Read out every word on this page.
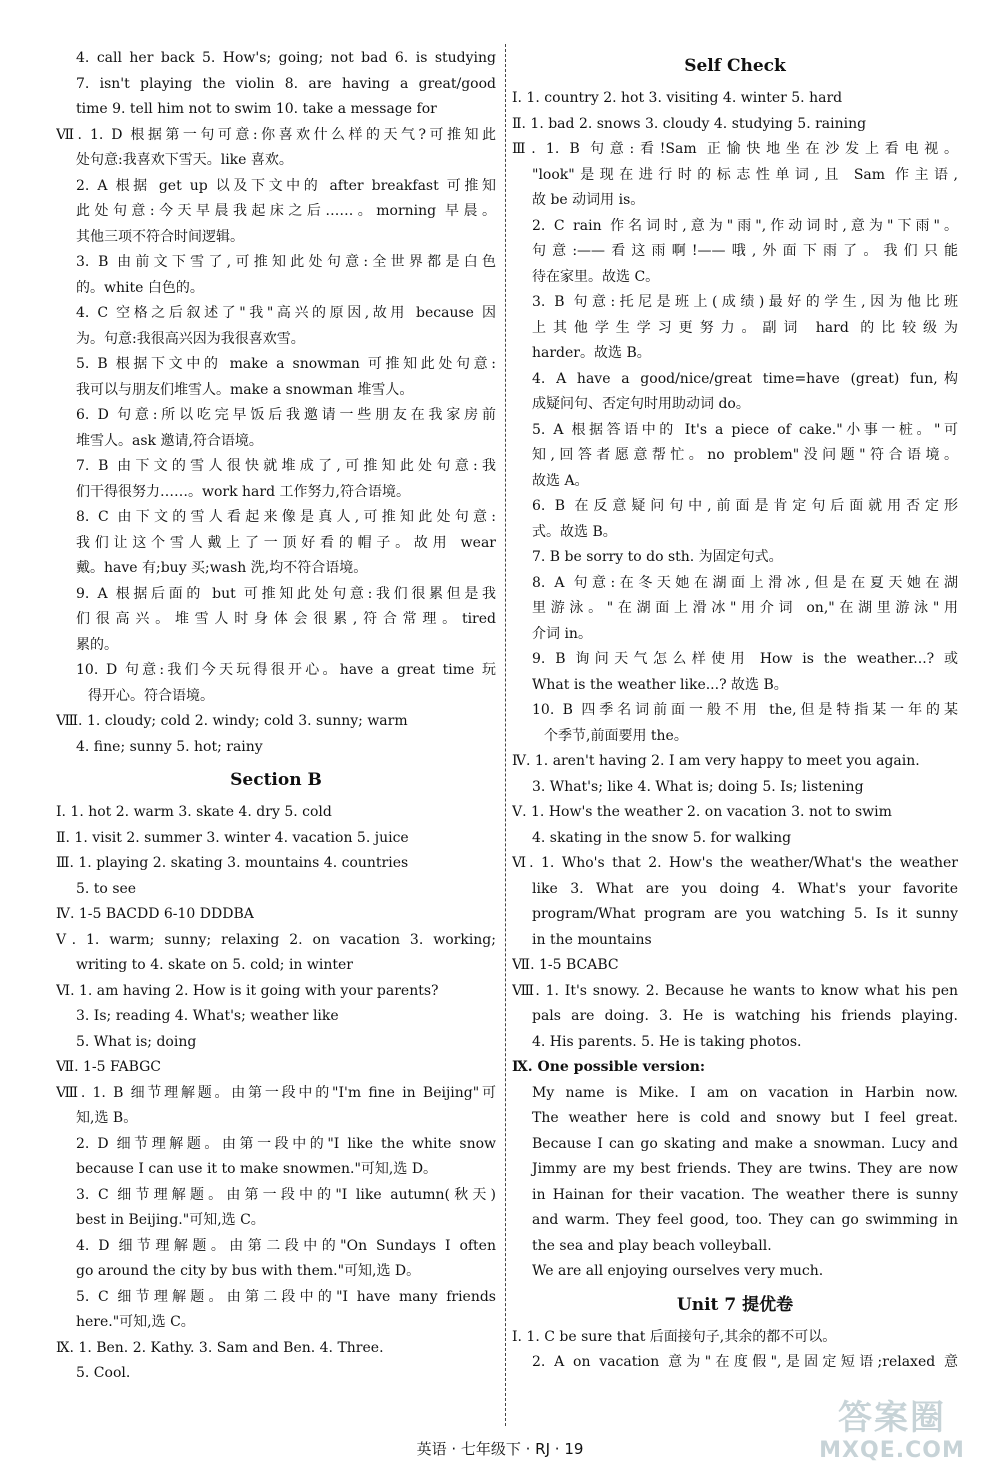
4. call her back 5. How's; going; not bad 6. is studying
7. isn't playing the violin 8. are having a great/good
time 9. tell him not to swim 10. take a message for
Ⅶ. 1. D 根据第一句可意:你喜欢什么样的天气?可推知此
处句意:我喜欢下雪天。like 喜欢。
2. A 根据 get up 以及下文中的 after breakfast 可推知
此处句意:今天早晨我起床之后……。morning 早晨。
其他三项不符合时间逻辑。
3. B 由前文下雪了,可推知此处句意:全世界都是白色
的。white 白色的。
4. C 空格之后叙述了"我"高兴的原因,故用 because 因
为。句意:我很高兴因为我很喜欢雪。
5. B 根据下文中的 make a snowman 可推知此处句意:
我可以与朋友们堆雪人。make a snowman 堆雪人。
6. D 句意:所以吃完早饭后我邀请一些朋友在我家房前
堆雪人。ask 邀请,符合语境。
7. B 由下文的雪人很快就堆成了,可推知此处句意:我
们干得很努力……。work hard 工作努力,符合语境。
8. C 由下文的雪人看起来像是真人,可推知此处句意:
我们让这个雪人戴上了一顶好看的帽子。故用 wear
戴。have 有;buy 买;wash 洗,均不符合语境。
9. A 根据后面的 but 可推知此处句意:我们很累但是我
们很高兴。堆雪人时身体会很累,符合常理。tired
累的。
10. D 句意:我们今天玩得很开心。have a great time 玩
得开心。符合语境。
Ⅷ. 1. cloudy; cold 2. windy; cold 3. sunny; warm
4. fine; sunny 5. hot; rainy
Section B
Ⅰ. 1. hot 2. warm 3. skate 4. dry 5. cold
Ⅱ. 1. visit 2. summer 3. winter 4. vacation 5. juice
Ⅲ. 1. playing 2. skating 3. mountains 4. countries
5. to see
Ⅳ. 1-5 BACDD 6-10 DDDBA
Ⅴ. 1. warm; sunny; relaxing 2. on vacation 3. working;
writing to 4. skate on 5. cold; in winter
Ⅵ. 1. am having 2. How is it going with your parents?
3. Is; reading 4. What's; weather like
5. What is; doing
Ⅶ. 1-5 FABGC
Ⅷ. 1. B 细节理解题。由第一段中的"I'm fine in Beijing"可
知,选 B。
2. D 细节理解题。由第一段中的"I like the white snow
because I can use it to make snowmen."可知,选 D。
3. C 细节理解题。由第一段中的"I like autumn(秋天)
best in Beijing."可知,选 C。
4. D 细节理解题。由第二段中的"On Sundays I often
go around the city by bus with them."可知,选 D。
5. C 细节理解题。由第二段中的"I have many friends
here."可知,选 C。
Ⅸ. 1. Ben. 2. Kathy. 3. Sam and Ben. 4. Three.
5. Cool.
Self Check
Ⅰ. 1. country 2. hot 3. visiting 4. winter 5. hard
Ⅱ. 1. bad 2. snows 3. cloudy 4. studying 5. raining
Ⅲ. 1. B 句意:看!Sam 正愉快地坐在沙发上看电视。
"look"是现在进行时的标志性单词,且 Sam 作主语,
故 be 动词用 is。
2. C rain 作名词时,意为"雨",作动词时,意为"下雨"。
句意:——看这雨啊!——哦,外面下雨了。我们只能
待在家里。故选 C。
3. B 句意:托尼是班上(成绩)最好的学生,因为他比班
上其他学生学习更努力。副词 hard 的比较级为
harder。故选 B。
4. A have a good/nice/great time=have (great) fun,构
成疑问句、否定句时用助动词 do。
5. A 根据答语中的 It's a piece of cake."小事一桩。"可
知,回答者愿意帮忙。no problem"没问题"符合语境。
故选 A。
6. B 在反意疑问句中,前面是肯定句后面就用否定形
式。故选 B。
7. B be sorry to do sth. 为固定句式。
8. A 句意:在冬天她在湖面上滑冰,但是在夏天她在湖
里游泳。"在湖面上滑冰"用介词 on,"在湖里游泳"用
介词 in。
9. B 询问天气怎么样使用 How is the weather...? 或
What is the weather like...? 故选 B。
10. B 四季名词前面一般不用 the,但是特指某一年的某
个季节,前面要用 the。
Ⅳ. 1. aren't having 2. I am very happy to meet you again.
3. What's; like 4. What is; doing 5. Is; listening
Ⅴ. 1. How's the weather 2. on vacation 3. not to swim
4. skating in the snow 5. for walking
Ⅵ. 1. Who's that 2. How's the weather/What's the weather
like 3. What are you doing 4. What's your favorite
program/What program are you watching 5. Is it sunny
in the mountains
Ⅶ. 1-5 BCABC
Ⅷ. 1. It's snowy. 2. Because he wants to know what his pen
pals are doing. 3. He is watching his friends playing.
4. His parents. 5. He is taking photos.
Ⅸ. One possible version:
My name is Mike. I am on vacation in Harbin now.
The weather here is cold and snowy but I feel great.
Because I can go skating and make a snowman. Lucy and
Jimmy are my best friends. They are twins. They are now
in Hainan for their vacation. The weather there is sunny
and warm. They feel good, too. They can go swimming in
the sea and play beach volleyball.
We are all enjoying ourselves very much.
Unit 7 提优卷
Ⅰ. 1. C be sure that 后面接句子,其余的都不可以。
2. A on vacation 意为"在度假",是固定短语;relaxed 意
英语 · 七年级下 · RJ · 19
答案圈
MXQE.COM
